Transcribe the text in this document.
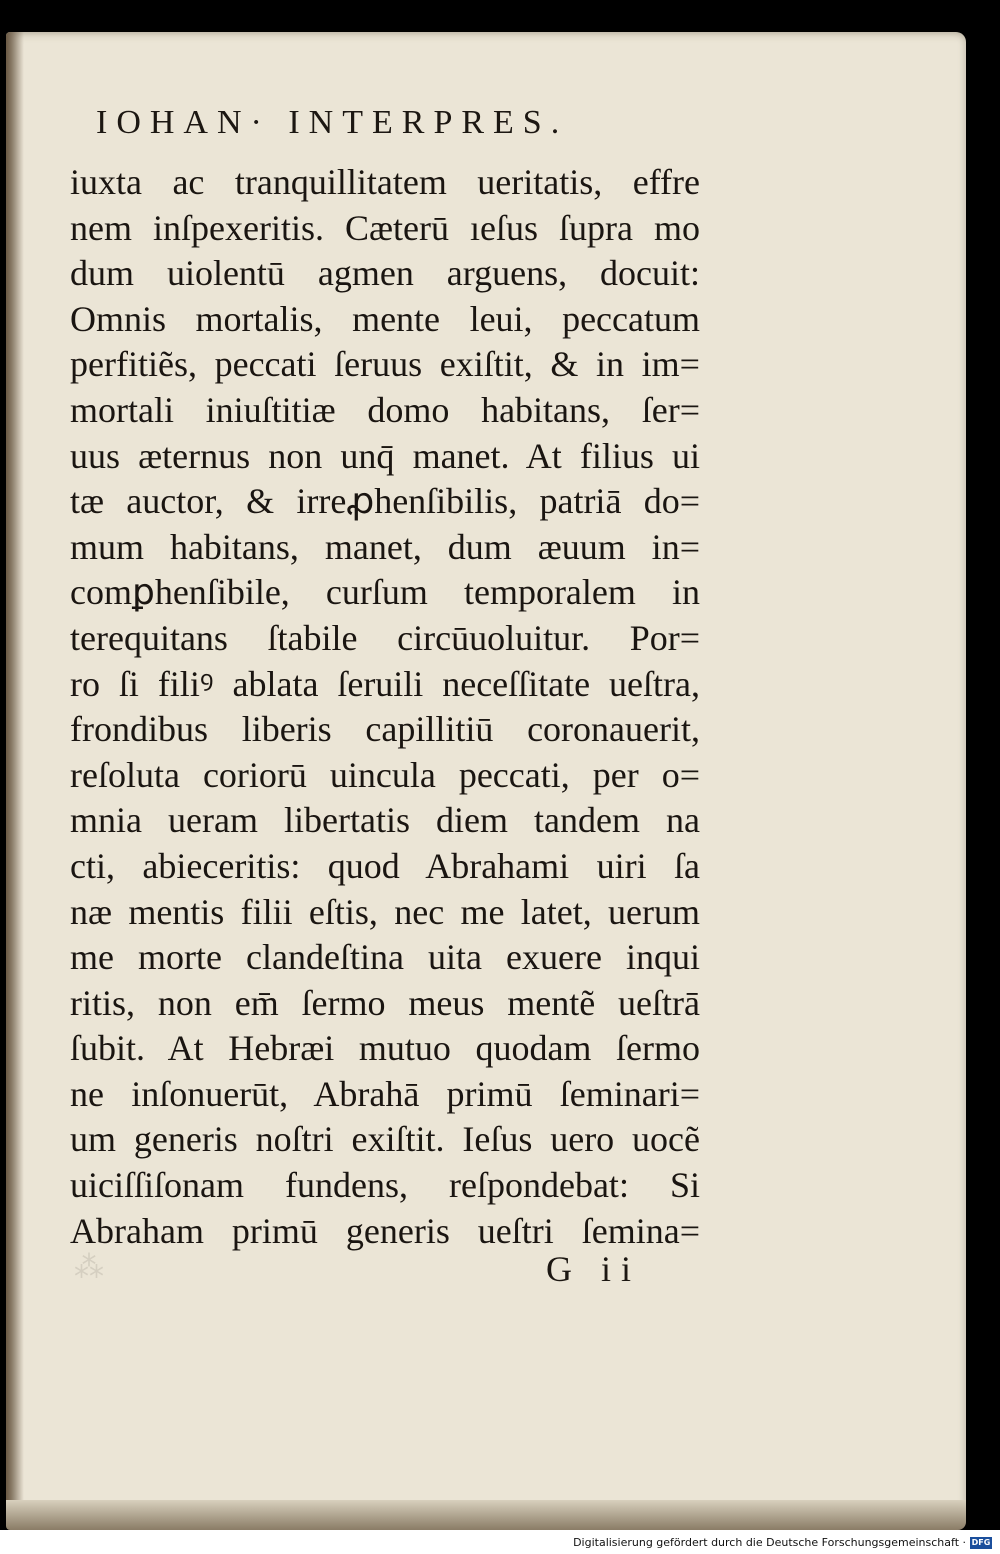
IOHAN· INTERPRES.
iuxta ac tranquillitatem ueritatis, effre
nem inſpexeritis. Cæterū ıeſus ſupra mo
dum uiolentū agmen arguens, docuit:
Omnis mortalis, mente leui, peccatum
perfitiẽs, peccati ſeruus exiſtit, & in im=
mortali iniuſtitiæ domo habitans, ſer=
uus æternus non unq̄ manet. At filius ui
tæ auctor, & irreꝓhenſibilis, patriā do=
mum habitans, manet, dum æuum in=
comꝑhenſibile, curſum temporalem in
terequitans ſtabile circūuoluitur. Por=
ro ſi filiꝰ ablata ſeruili neceſſitate ueſtra,
frondibus liberis capillitiū coronauerit,
reſoluta coriorū uincula peccati, per o=
mnia ueram libertatis diem tandem na
cti, abieceritis: quod Abrahami uiri ſa
næ mentis filii eſtis, nec me latet, uerum
me morte clandeſtina uita exuere inqui
ritis, non em̄ ſermo meus mentẽ ueſtrā
ſubit. At Hebræi mutuo quodam ſermo
ne inſonuerūt, Abrahā primū ſeminari=
um generis noſtri exiſtit. Ieſus uero uocẽ
uiciſſiſonam fundens, reſpondebat: Si
Abraham primū generis ueſtri ſemina=
⁂	G ii
Digitalisierung gefördert durch die Deutsche Forschungsgemeinschaft · DFG
